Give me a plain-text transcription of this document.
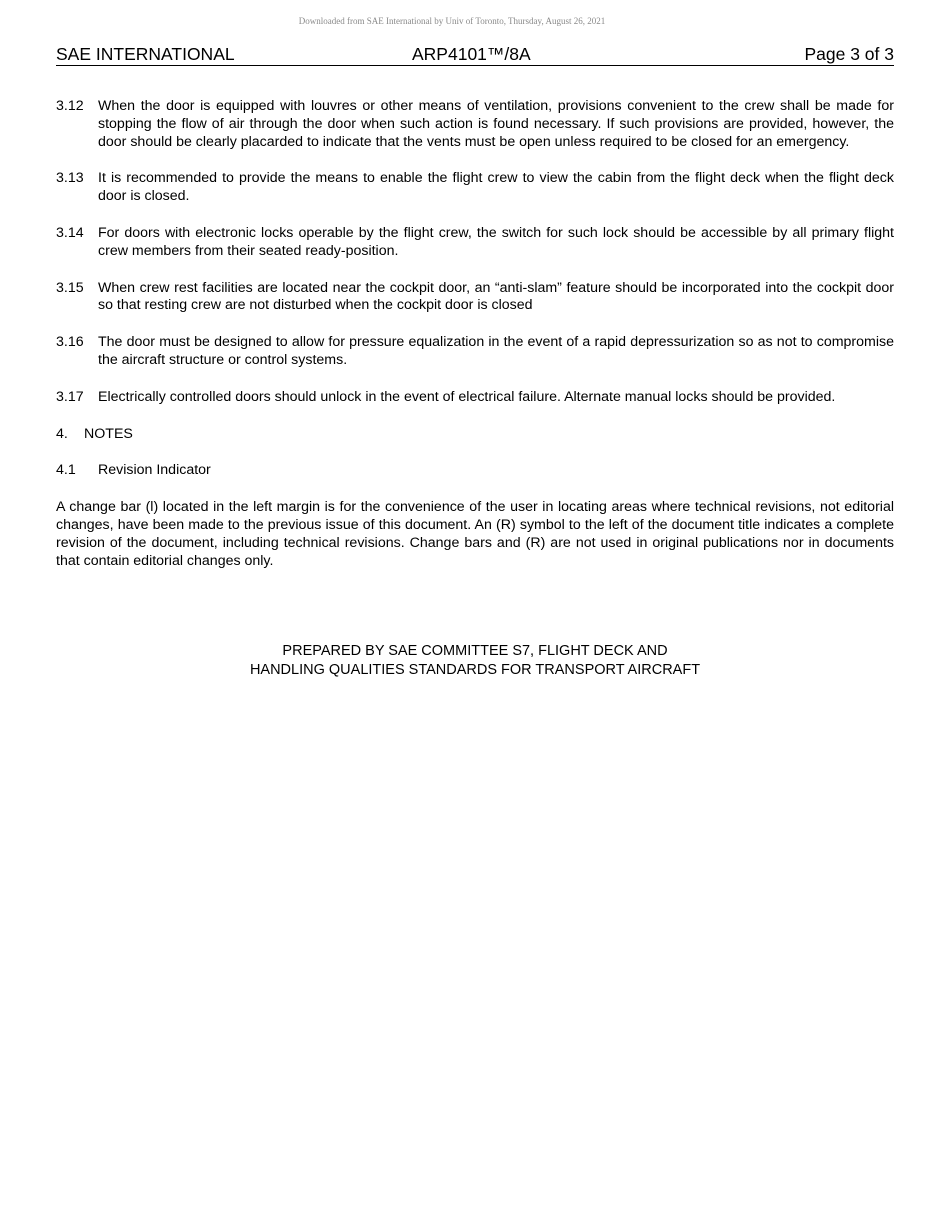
Downloaded from SAE International by Univ of Toronto, Thursday, August 26, 2021
SAE INTERNATIONAL	ARP4101™/8A	Page 3 of 3
3.12	When the door is equipped with louvres or other means of ventilation, provisions convenient to the crew shall be made for stopping the flow of air through the door when such action is found necessary. If such provisions are provided, however, the door should be clearly placarded to indicate that the vents must be open unless required to be closed for an emergency.
3.13	It is recommended to provide the means to enable the flight crew to view the cabin from the flight deck when the flight deck door is closed.
3.14	For doors with electronic locks operable by the flight crew, the switch for such lock should be accessible by all primary flight crew members from their seated ready-position.
3.15	When crew rest facilities are located near the cockpit door, an “anti-slam” feature should be incorporated into the cockpit door so that resting crew are not disturbed when the cockpit door is closed
3.16	The door must be designed to allow for pressure equalization in the event of a rapid depressurization so as not to compromise the aircraft structure or control systems.
3.17	Electrically controlled doors should unlock in the event of electrical failure. Alternate manual locks should be provided.
4.	NOTES
4.1	Revision Indicator
A change bar (l) located in the left margin is for the convenience of the user in locating areas where technical revisions, not editorial changes, have been made to the previous issue of this document. An (R) symbol to the left of the document title indicates a complete revision of the document, including technical revisions. Change bars and (R) are not used in original publications nor in documents that contain editorial changes only.
PREPARED BY SAE COMMITTEE S7, FLIGHT DECK AND
HANDLING QUALITIES STANDARDS FOR TRANSPORT AIRCRAFT
